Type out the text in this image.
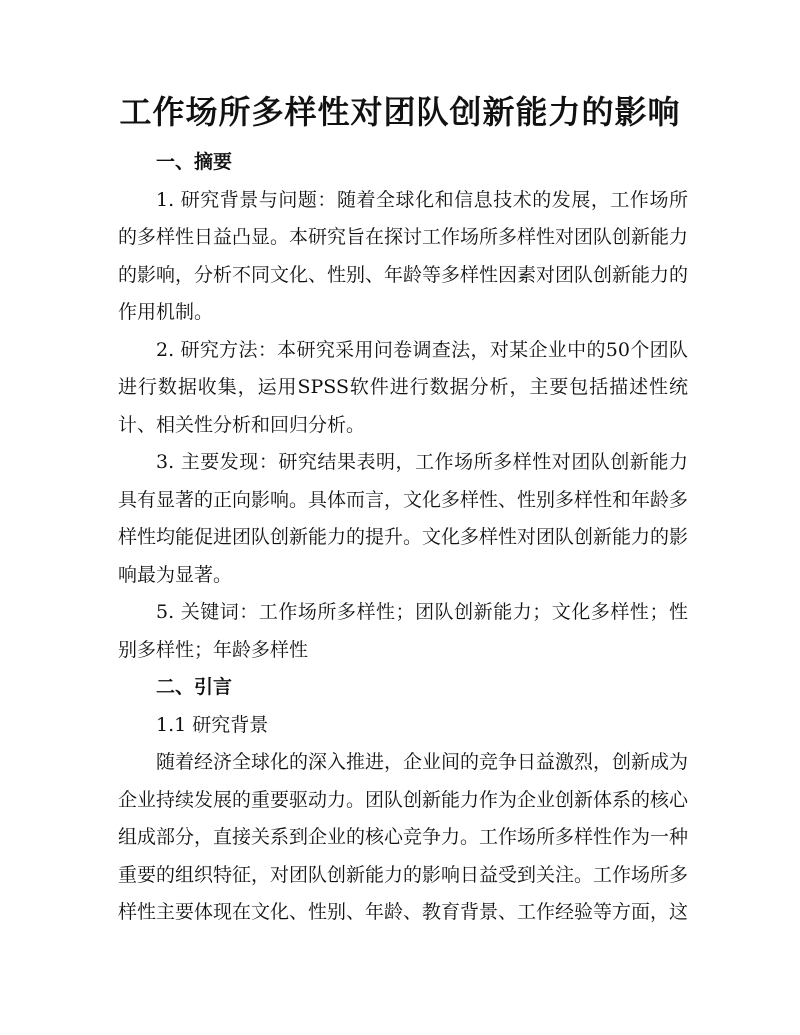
工作场所多样性对团队创新能力的影响

一、摘要

1. 研究背景与问题：随着全球化和信息技术的发展，工作场所的多样性日益凸显。本研究旨在探讨工作场所多样性对团队创新能力的影响，分析不同文化、性别、年龄等多样性因素对团队创新能力的作用机制。

2. 研究方法：本研究采用问卷调查法，对某企业中的50个团队进行数据收集，运用SPSS软件进行数据分析，主要包括描述性统计、相关性分析和回归分析。

3. 主要发现：研究结果表明，工作场所多样性对团队创新能力具有显著的正向影响。具体而言，文化多样性、性别多样性和年龄多样性均能促进团队创新能力的提升。文化多样性对团队创新能力的影响最为显著。

5. 关键词：工作场所多样性；团队创新能力；文化多样性；性别多样性；年龄多样性

二、引言

1.1 研究背景

随着经济全球化的深入推进，企业间的竞争日益激烈，创新成为企业持续发展的重要驱动力。团队创新能力作为企业创新体系的核心组成部分，直接关系到企业的核心竞争力。工作场所多样性作为一种重要的组织特征，对团队创新能力的影响日益受到关注。工作场所多样性主要体现在文化、性别、年龄、教育背景、工作经验等方面，这
